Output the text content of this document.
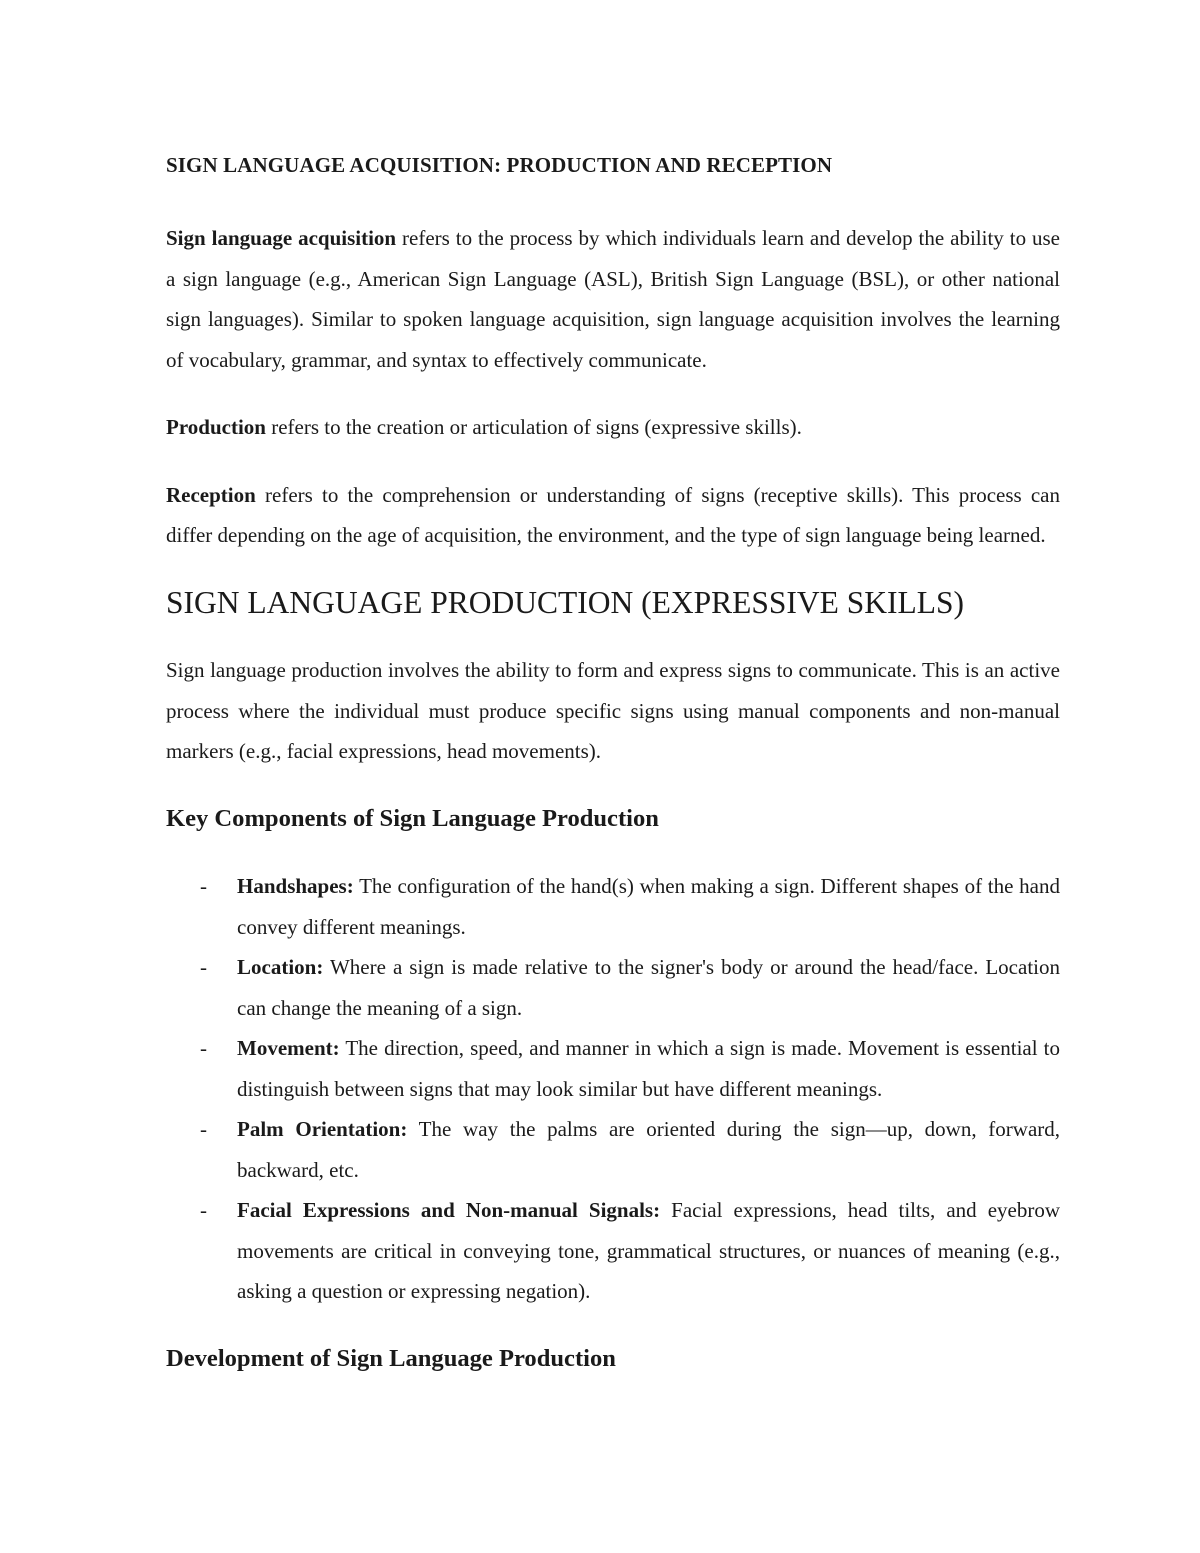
SIGN LANGUAGE ACQUISITION: PRODUCTION AND RECEPTION

Sign language acquisition refers to the process by which individuals learn and develop the ability to use a sign language (e.g., American Sign Language (ASL), British Sign Language (BSL), or other national sign languages). Similar to spoken language acquisition, sign language acquisition involves the learning of vocabulary, grammar, and syntax to effectively communicate.

Production refers to the creation or articulation of signs (expressive skills).

Reception refers to the comprehension or understanding of signs (receptive skills). This process can differ depending on the age of acquisition, the environment, and the type of sign language being learned.

SIGN LANGUAGE PRODUCTION (EXPRESSIVE SKILLS)

Sign language production involves the ability to form and express signs to communicate. This is an active process where the individual must produce specific signs using manual components and non-manual markers (e.g., facial expressions, head movements).

Key Components of Sign Language Production
- Handshapes: The configuration of the hand(s) when making a sign. Different shapes of the hand convey different meanings.
- Location: Where a sign is made relative to the signer's body or around the head/face. Location can change the meaning of a sign.
- Movement: The direction, speed, and manner in which a sign is made. Movement is essential to distinguish between signs that may look similar but have different meanings.
- Palm Orientation: The way the palms are oriented during the sign—up, down, forward, backward, etc.
- Facial Expressions and Non-manual Signals: Facial expressions, head tilts, and eyebrow movements are critical in conveying tone, grammatical structures, or nuances of meaning (e.g., asking a question or expressing negation).
Development of Sign Language Production
